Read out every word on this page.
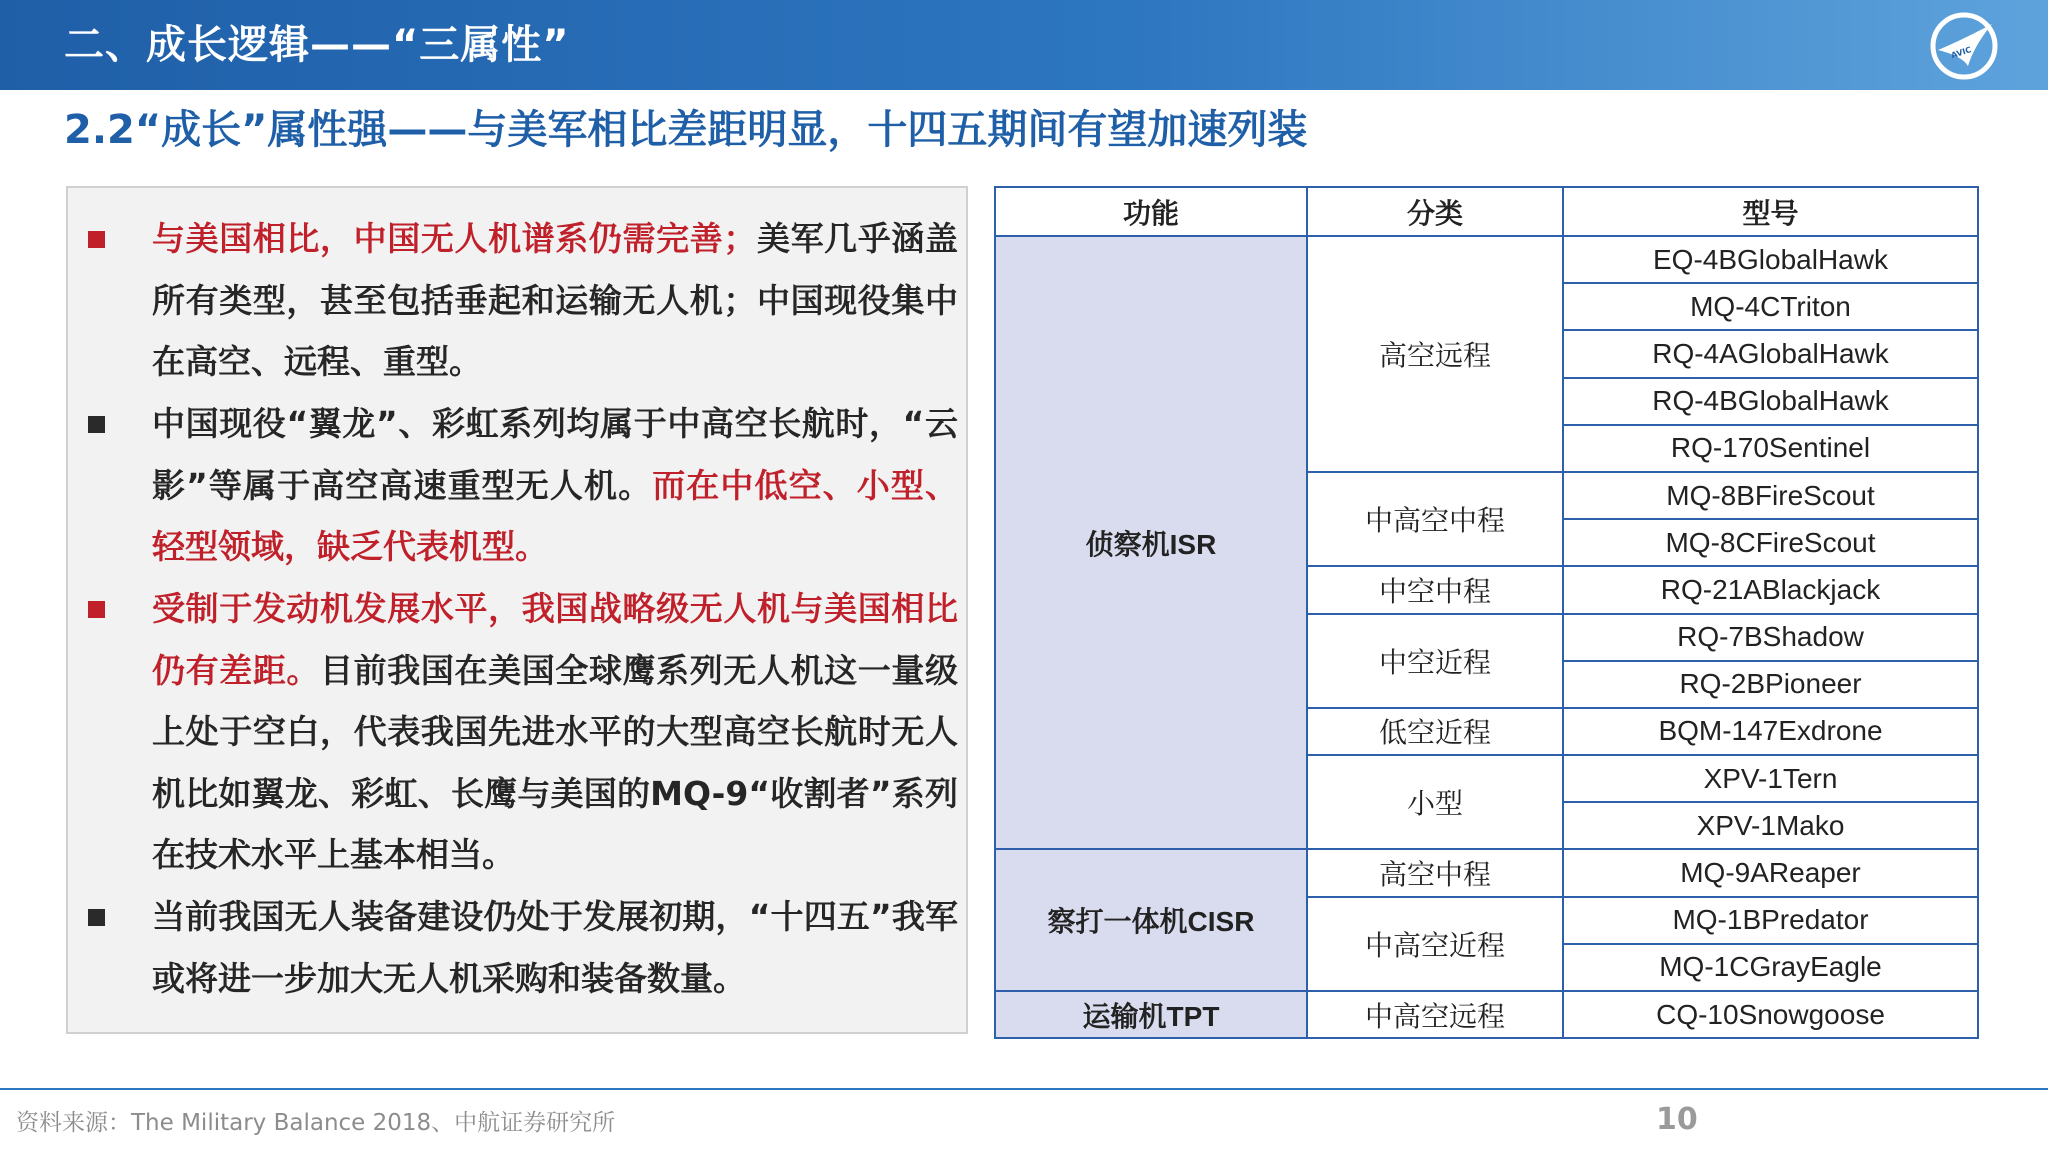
二、成长逻辑——“三属性”	AVIC
2.2“成长”属性强——与美军相比差距明显，十四五期间有望加速列装
与美国相比，中国无人机谱系仍需完善；美军几乎涵盖所有类型，甚至包括垂起和运输无人机；中国现役集中在高空、远程、重型。
中国现役“翼龙”、彩虹系列均属于中高空长航时，“云影”等属于高空高速重型无人机。而在中低空、小型、轻型领域，缺乏代表机型。
受制于发动机发展水平，我国战略级无人机与美国相比仍有差距。目前我国在美国全球鹰系列无人机这一量级上处于空白，代表我国先进水平的大型高空长航时无人机比如翼龙、彩虹、长鹰与美国的MQ-9“收割者”系列在技术水平上基本相当。
当前我国无人装备建设仍处于发展初期，“十四五”我军或将进一步加大无人机采购和装备数量。
功能	分类	型号
侦察机ISR	高空远程	EQ-4BGlobalHawk
		MQ-4CTriton
		RQ-4AGlobalHawk
		RQ-4BGlobalHawk
		RQ-170Sentinel
	中高空中程	MQ-8BFireScout
		MQ-8CFireScout
	中空中程	RQ-21ABlackjack
	中空近程	RQ-7BShadow
		RQ-2BPioneer
	低空近程	BQM-147Exdrone
	小型	XPV-1Tern
		XPV-1Mako
察打一体机CISR	高空中程	MQ-9AReaper
	中高空近程	MQ-1BPredator
		MQ-1CGrayEagle
运输机TPT	中高空远程	CQ-10Snowgoose
资料来源：The Military Balance 2018、中航证券研究所	10
